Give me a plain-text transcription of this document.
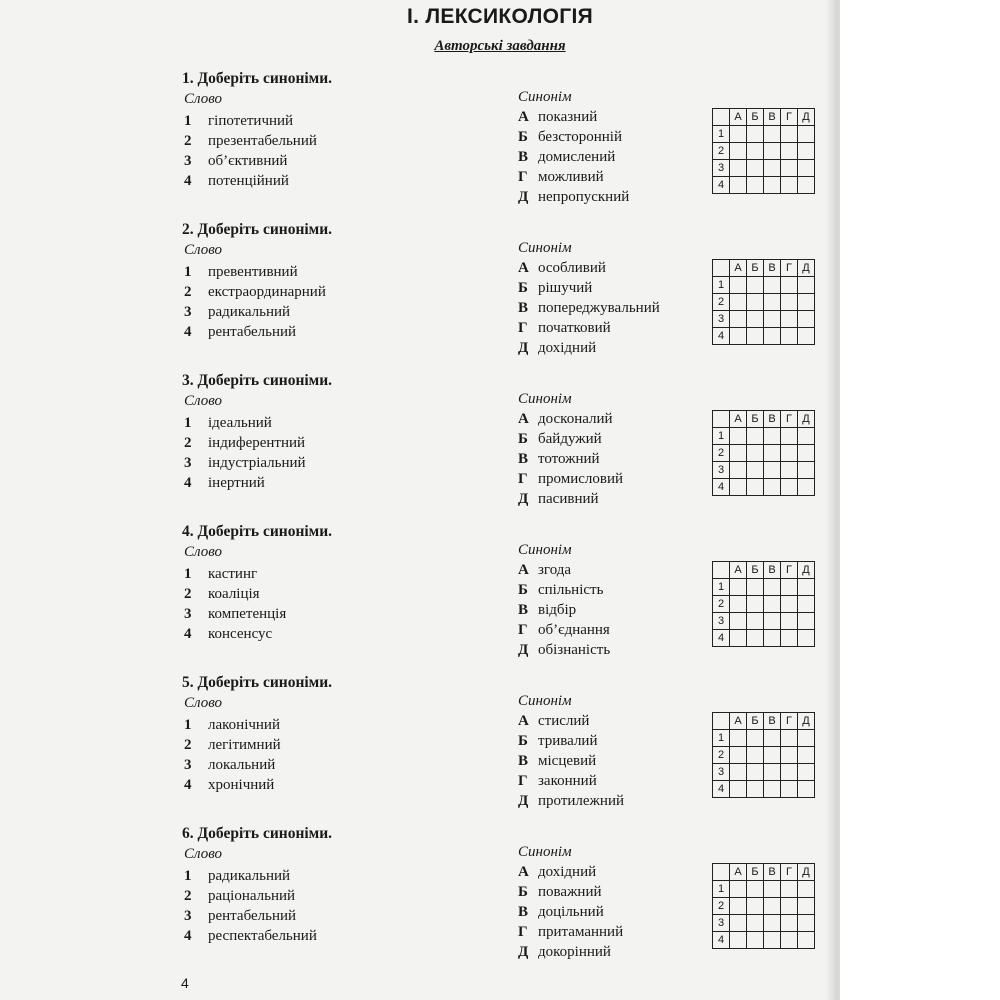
І. ЛЕКСИКОЛОГІЯ
Авторські завдання
1. Доберіть синоніми.
Слово	Синонім
1 гіпотетичний
2 презентабельний
3 об’єктивний
4 потенційний
А показний
Б безсторонній
В домислений
Г можливий
Д непропускний
	А	Б	В	Г	Д
1					
2					
3					
4					
2. Доберіть синоніми.
Слово	Синонім
1 превентивний
2 екстраординарний
3 радикальний
4 рентабельний
А особливий
Б рішучий
В попереджувальний
Г початковий
Д дохідний
	А	Б	В	Г	Д
1					
2					
3					
4					
3. Доберіть синоніми.
Слово	Синонім
1 ідеальний
2 індиферентний
3 індустріальний
4 інертний
А досконалий
Б байдужий
В тотожний
Г промисловий
Д пасивний
	А	Б	В	Г	Д
1					
2					
3					
4					
4. Доберіть синоніми.
Слово	Синонім
1 кастинг
2 коаліція
3 компетенція
4 консенсус
А згода
Б спільність
В відбір
Г об’єднання
Д обізнаність
	А	Б	В	Г	Д
1					
2					
3					
4					
5. Доберіть синоніми.
Слово	Синонім
1 лаконічний
2 легітимний
3 локальний
4 хронічний
А стислий
Б тривалий
В місцевий
Г законний
Д протилежний
	А	Б	В	Г	Д
1					
2					
3					
4					
6. Доберіть синоніми.
Слово	Синонім
1 радикальний
2 раціональний
3 рентабельний
4 респектабельний
А дохідний
Б поважний
В доцільний
Г притаманний
Д докорінний
	А	Б	В	Г	Д
1					
2					
3					
4					
4
